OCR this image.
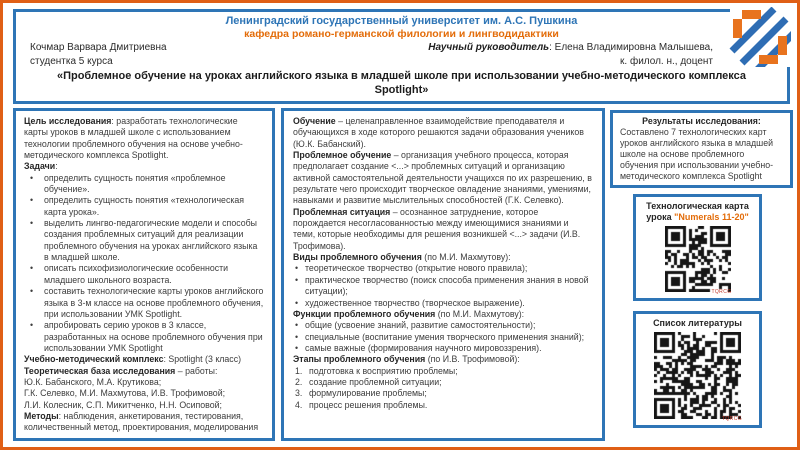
Ленинградский государственный университет им. А.С. Пушкина
кафедра романо-германской филологии и лингводидактики
Кочмар Варвара Дмитриевна	Научный руководитель: Елена Владимировна Малышева,
студентка 5 курса	к. филол. н., доцент
«Проблемное обучение на уроках английского языка в младшей школе при использовании учебно-методического комплекса
Spotlight»
Цель исследования: разработать технологические карты уроков в младшей школе с использованием технологии проблемного обучения на основе учебно-методического комплекса Spotlight.
Задачи:
• определить сущность понятия «проблемное обучение».
• определить сущность понятия «технологическая карта урока».
• выделить лингво-педагогические модели и способы создания проблемных ситуаций для реализации проблемного обучения на уроках английского языка в младшей школе.
• описать психофизиологические особенности младшего школьного возраста.
• составить технологические карты уроков английского языка в 3-м классе на основе проблемного обучения, при использовании УМК Spotlight.
• апробировать серию уроков в 3 классе, разработанных на основе проблемного обучения при использовании УМК Spotlight
Учебно-методический комплекс: Spotlight (3 класс)
Теоретическая база исследования – работы:
Ю.К. Бабанского, М.А. Крутикова;
Г.К. Селевко, М.И. Махмутова, И.В. Трофимовой;
Л.И. Колесник, С.П. Микитченко, Н.Н. Осиповой;
Методы: наблюдения, анкетирования, тестирования, количественный метод, проектирования, моделирования
Обучение – целенаправленное взаимодействие преподавателя и обучающихся в ходе которого решаются задачи образования учеников (Ю.К. Бабанский).
Проблемное обучение – организация учебного процесса, которая предполагает создание <...> проблемных ситуаций и организацию активной самостоятельной деятельности учащихся по их разрешению, в результате чего происходит творческое овладение знаниями, умениями, навыками и развитие мыслительных способностей (Г.К. Селевко).
Проблемная ситуация – осознанное затруднение, которое порождается несогласованностью между имеющимися знаниями и теми, которые необходимы для решения возникшей <...> задачи (И.В. Трофимова).
Виды проблемного обучения (по М.И. Махмутову):
• теоретическое творчество (открытие нового правила);
• практическое творчество (поиск способа применения знания в новой ситуации);
• художественное творчество (творческое выражение).
Функции проблемного обучения (по М.И. Махмутову):
• общие (усвоение знаний, развитие самостоятельности);
• специальные (воспитание умения творческого применения знаний);
• самые важные (формирования научного мировоззрения).
Этапы проблемного обучения (по И.В. Трофимовой):
1. подготовка к восприятию проблемы;
2. создание проблемной ситуации;
3. формулирование проблемы;
4. процесс решения проблемы.
Результаты исследования:
Составлено 7 технологических карт уроков английского языка в младшей школе на основе проблемного обучения при использовании учебно-методического комплекса Spotlight
Технологическая карта урока "Numerals 11-20"
TQRCG
Список литературы
TQRCG
